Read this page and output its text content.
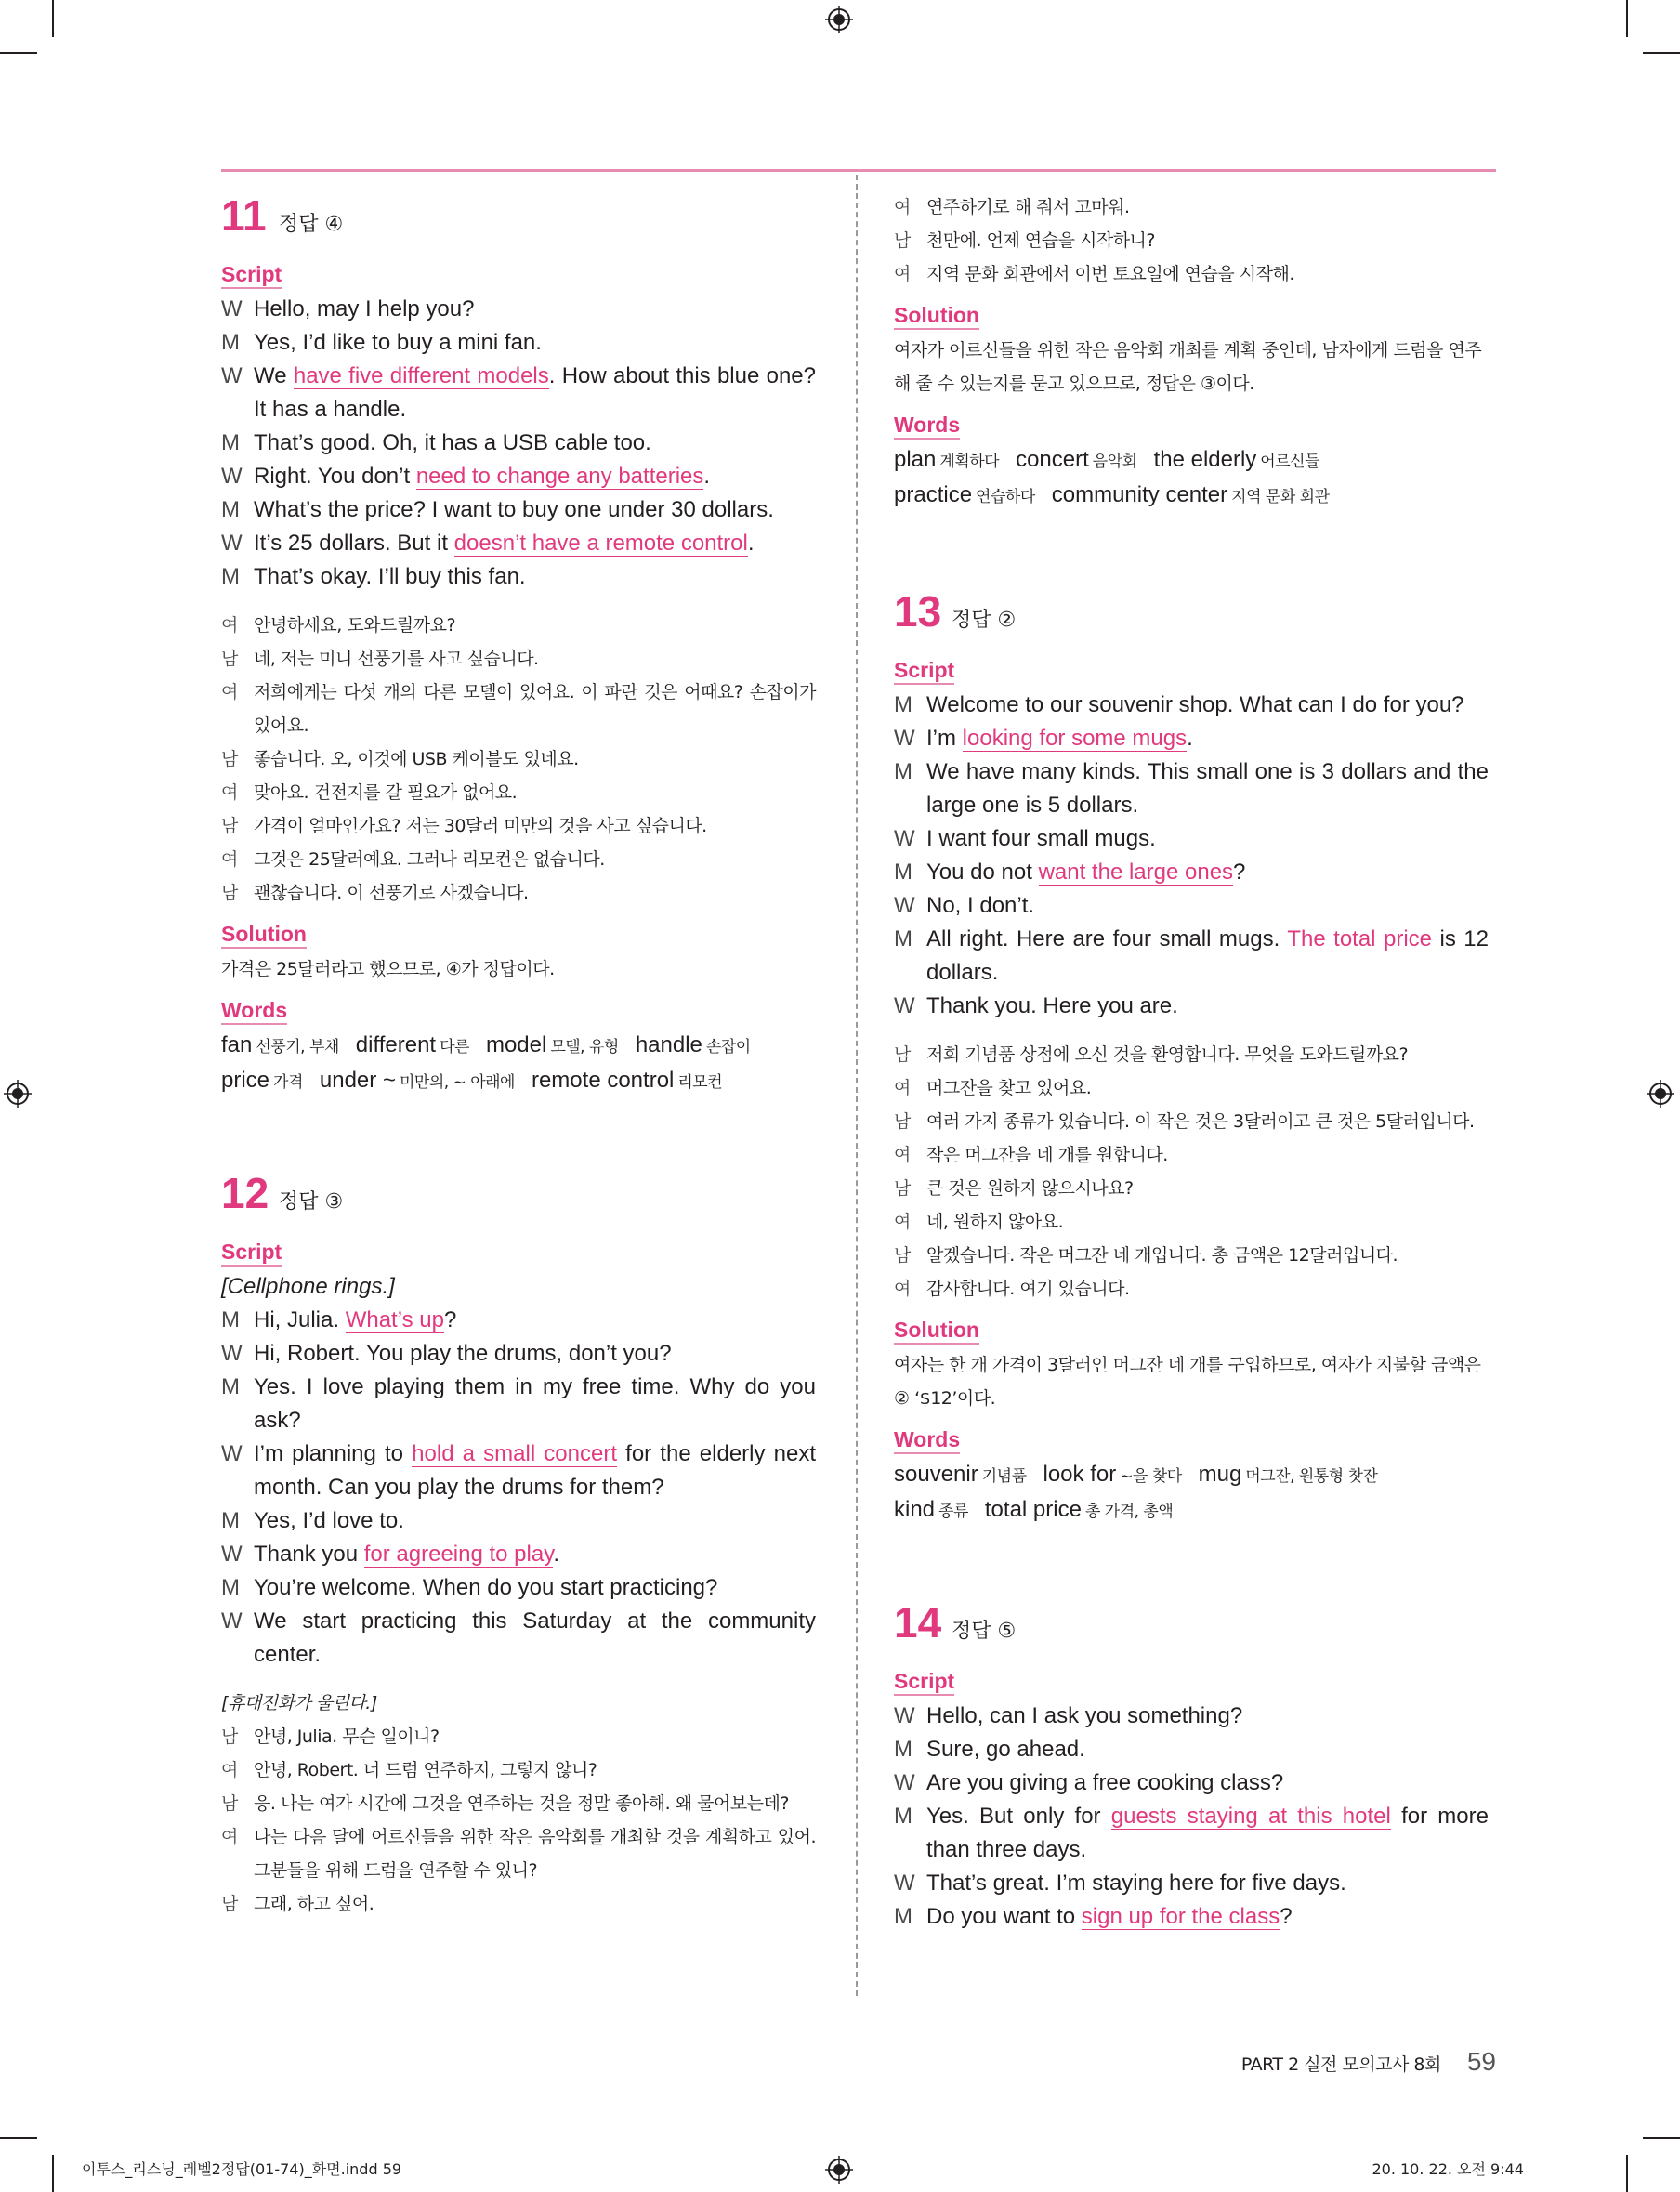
11 정답 ④
Script
W Hello, may I help you?
M Yes, I’d like to buy a mini fan.
W We have five different models. How about this blue one? It has a handle.
M That’s good. Oh, it has a USB cable too.
W Right. You don’t need to change any batteries.
M What’s the price? I want to buy one under 30 dollars.
W It’s 25 dollars. But it doesn’t have a remote control.
M That’s okay. I’ll buy this fan.
여 안녕하세요, 도와드릴까요?
남 네, 저는 미니 선풍기를 사고 싶습니다.
여 저희에게는 다섯 개의 다른 모델이 있어요. 이 파란 것은 어때요? 손잡이가 있어요.
남 좋습니다. 오, 이것에 USB 케이블도 있네요.
여 맞아요. 건전지를 갈 필요가 없어요.
남 가격이 얼마인가요? 저는 30달러 미만의 것을 사고 싶습니다.
여 그것은 25달러예요. 그러나 리모컨은 없습니다.
남 괜찮습니다. 이 선풍기로 사겠습니다.
Solution
가격은 25달러라고 했으므로, ④가 정답이다.
Words
fan 선풍기, 부채 different 다른 model 모델, 유형 handle 손잡이
price 가격 under ~ 미만의, ~ 아래에 remote control 리모컨
12 정답 ③
Script
[Cellphone rings.]
M Hi, Julia. What’s up?
W Hi, Robert. You play the drums, don’t you?
M Yes. I love playing them in my free time. Why do you ask?
W I’m planning to hold a small concert for the elderly next month. Can you play the drums for them?
M Yes, I’d love to.
W Thank you for agreeing to play.
M You’re welcome. When do you start practicing?
W We start practicing this Saturday at the community center.
[휴대전화가 울린다.]
남 안녕, Julia. 무슨 일이니?
여 안녕, Robert. 너 드럼 연주하지, 그렇지 않니?
남 응. 나는 여가 시간에 그것을 연주하는 것을 정말 좋아해. 왜 물어보는데?
여 나는 다음 달에 어르신들을 위한 작은 음악회를 개최할 것을 계획하고 있어. 그분들을 위해 드럼을 연주할 수 있니?
남 그래, 하고 싶어.
여 연주하기로 해 줘서 고마워.
남 천만에. 언제 연습을 시작하니?
여 지역 문화 회관에서 이번 토요일에 연습을 시작해.
Solution
여자가 어르신들을 위한 작은 음악회 개최를 계획 중인데, 남자에게 드럼을 연주해 줄 수 있는지를 묻고 있으므로, 정답은 ③이다.
Words
plan 계획하다 concert 음악회 the elderly 어르신들
practice 연습하다 community center 지역 문화 회관
13 정답 ②
Script
M Welcome to our souvenir shop. What can I do for you?
W I’m looking for some mugs.
M We have many kinds. This small one is 3 dollars and the large one is 5 dollars.
W I want four small mugs.
M You do not want the large ones?
W No, I don’t.
M All right. Here are four small mugs. The total price is 12 dollars.
W Thank you. Here you are.
남 저희 기념품 상점에 오신 것을 환영합니다. 무엇을 도와드릴까요?
여 머그잔을 찾고 있어요.
남 여러 가지 종류가 있습니다. 이 작은 것은 3달러이고 큰 것은 5달러입니다.
여 작은 머그잔을 네 개를 원합니다.
남 큰 것은 원하지 않으시나요?
여 네, 원하지 않아요.
남 알겠습니다. 작은 머그잔 네 개입니다. 총 금액은 12달러입니다.
여 감사합니다. 여기 있습니다.
Solution
여자는 한 개 가격이 3달러인 머그잔 네 개를 구입하므로, 여자가 지불할 금액은 ② ‘$12’이다.
Words
souvenir 기념품 look for ~을 찾다 mug 머그잔, 원통형 찻잔
kind 종류 total price 총 가격, 총액
14 정답 ⑤
Script
W Hello, can I ask you something?
M Sure, go ahead.
W Are you giving a free cooking class?
M Yes. But only for guests staying at this hotel for more than three days.
W That’s great. I’m staying here for five days.
M Do you want to sign up for the class?
PART 2 실전 모의고사 8회 59
이투스_리스닝_레벨2정답(01-74)_화면.indd 59	20. 10. 22. 오전 9:44
